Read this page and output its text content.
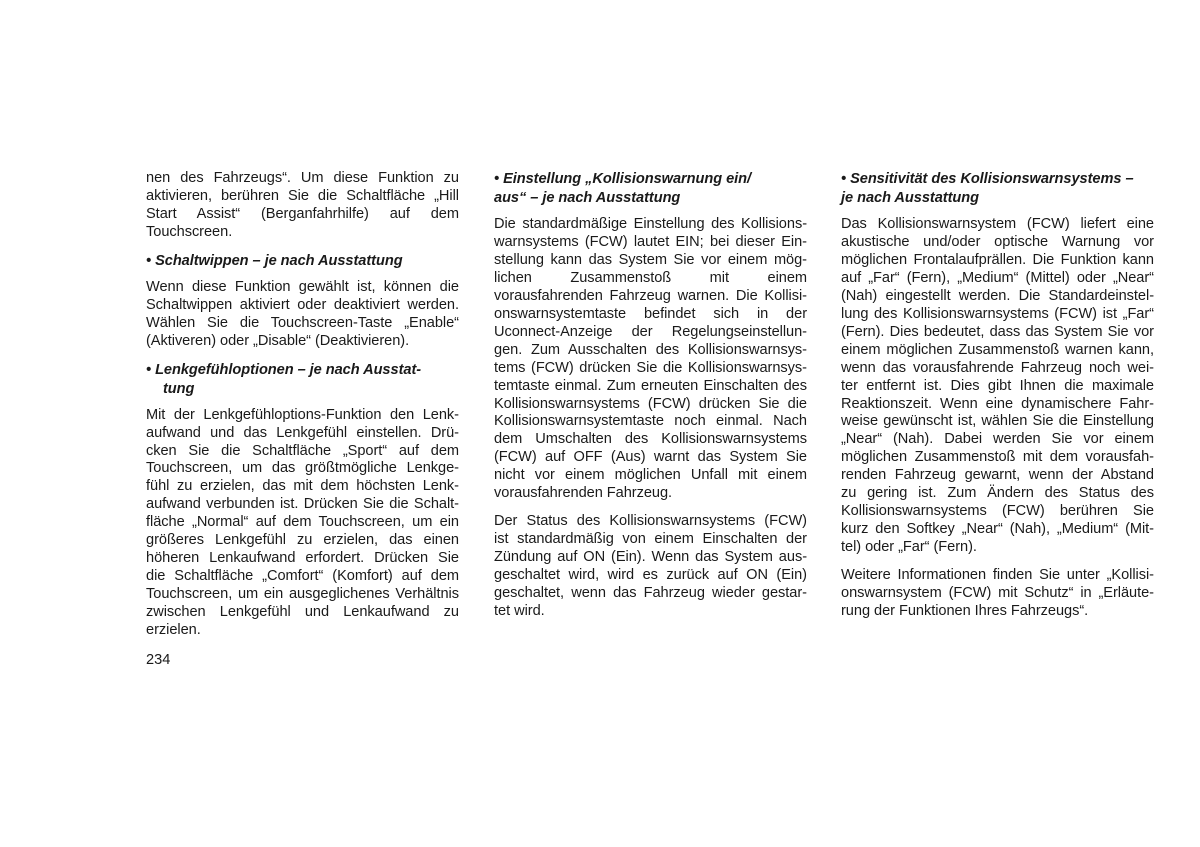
nen des Fahrzeugs“. Um diese Funktion zu
aktivieren, berühren Sie die Schaltfläche „Hill
Start Assist“ (Berganfahrhilfe) auf dem
Touchscreen.
• Schaltwippen – je nach Ausstattung
Wenn diese Funktion gewählt ist, können die
Schaltwippen aktiviert oder deaktiviert werden.
Wählen Sie die Touchscreen-Taste „Enable“
(Aktiveren) oder „Disable“ (Deaktivieren).
• Lenkgefühloptionen – je nach Ausstat-
tung
Mit der Lenkgefühloptions-Funktion den Lenk-
aufwand und das Lenkgefühl einstellen. Drü-
cken Sie die Schaltfläche „Sport“ auf dem
Touchscreen, um das größtmögliche Lenkge-
fühl zu erzielen, das mit dem höchsten Lenk-
aufwand verbunden ist. Drücken Sie die Schalt-
fläche „Normal“ auf dem Touchscreen, um ein
größeres Lenkgefühl zu erzielen, das einen
höheren Lenkaufwand erfordert. Drücken Sie
die Schaltfläche „Comfort“ (Komfort) auf dem
Touchscreen, um ein ausgeglichenes Verhältnis
zwischen Lenkgefühl und Lenkaufwand zu
erzielen.
• Einstellung „Kollisionswarnung ein/
aus“ – je nach Ausstattung
Die standardmäßige Einstellung des Kollisions-
warnsystems (FCW) lautet EIN; bei dieser Ein-
stellung kann das System Sie vor einem mög-
lichen Zusammenstoß mit einem
vorausfahrenden Fahrzeug warnen. Die Kollisi-
onswarnsystemtaste befindet sich in der
Uconnect-Anzeige der Regelungseinstellun-
gen. Zum Ausschalten des Kollisionswarnsys-
tems (FCW) drücken Sie die Kollisionswarnsys-
temtaste einmal. Zum erneuten Einschalten des
Kollisionswarnsystems (FCW) drücken Sie die
Kollisionswarnsystemtaste noch einmal. Nach
dem Umschalten des Kollisionswarnsystems
(FCW) auf OFF (Aus) warnt das System Sie
nicht vor einem möglichen Unfall mit einem
vorausfahrenden Fahrzeug.
Der Status des Kollisionswarnsystems (FCW)
ist standardmäßig von einem Einschalten der
Zündung auf ON (Ein). Wenn das System aus-
geschaltet wird, wird es zurück auf ON (Ein)
geschaltet, wenn das Fahrzeug wieder gestar-
tet wird.
• Sensitivität des Kollisionswarnsystems –
je nach Ausstattung
Das Kollisionswarnsystem (FCW) liefert eine
akustische und/oder optische Warnung vor
möglichen Frontalaufprällen. Die Funktion kann
auf „Far“ (Fern), „Medium“ (Mittel) oder „Near“
(Nah) eingestellt werden. Die Standardeinstel-
lung des Kollisionswarnsystems (FCW) ist „Far“
(Fern). Dies bedeutet, dass das System Sie vor
einem möglichen Zusammenstoß warnen kann,
wenn das vorausfahrende Fahrzeug noch wei-
ter entfernt ist. Dies gibt Ihnen die maximale
Reaktionszeit. Wenn eine dynamischere Fahr-
weise gewünscht ist, wählen Sie die Einstellung
„Near“ (Nah). Dabei werden Sie vor einem
möglichen Zusammenstoß mit dem vorausfah-
renden Fahrzeug gewarnt, wenn der Abstand
zu gering ist. Zum Ändern des Status des
Kollisionswarnsystems (FCW) berühren Sie
kurz den Softkey „Near“ (Nah), „Medium“ (Mit-
tel) oder „Far“ (Fern).
Weitere Informationen finden Sie unter „Kollisi-
onswarnsystem (FCW) mit Schutz“ in „Erläute-
rung der Funktionen Ihres Fahrzeugs“.
234
